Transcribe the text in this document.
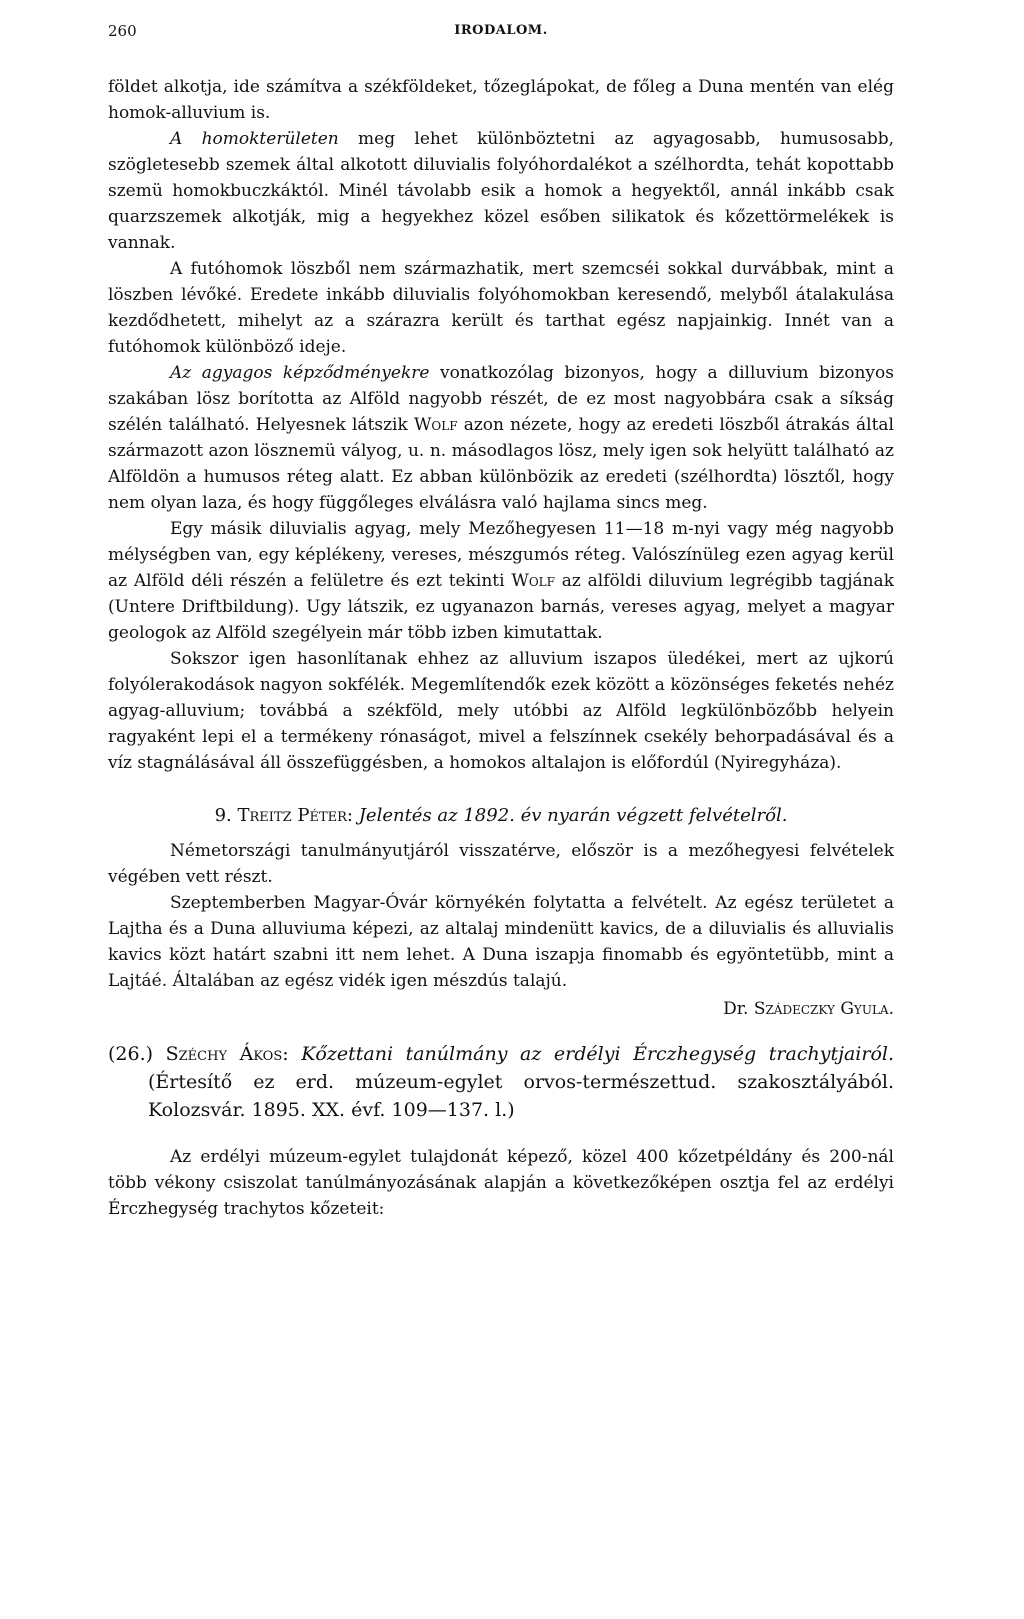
260	IRODALOM.

földet alkotja, ide számítva a székföldeket, tőzeglápokat, de főleg a Duna mentén van elég homok-alluvium is.

A homokterületen meg lehet különböztetni az agyagosabb, humusosabb, szögletesebb szemek által alkotott diluvialis folyóhordalékot a szélhordta, tehát kopottabb szemü homokbuczkáktól. Minél távolabb esik a homok a hegyektől, annál inkább csak quarzszemek alkotják, mig a hegyekhez közel esőben silikatok és kőzettörmelékek is vannak.

A futóhomok löszből nem származhatik, mert szemcséi sokkal durvábbak, mint a löszben lévőké. Eredete inkább diluvialis folyóhomokban keresendő, melyből átalakulása kezdődhetett, mihelyt az a szárazra került és tarthat egész napjainkig. Innét van a futóhomok különböző ideje.

Az agyagos képződményekre vonatkozólag bizonyos, hogy a dilluvium bizonyos szakában lösz borította az Alföld nagyobb részét, de ez most nagyobbára csak a síkság szélén található. Helyesnek látszik Wolf azon nézete, hogy az eredeti löszből átrakás által származott azon lösznemü vályog, u. n. másodlagos lösz, mely igen sok helyütt található az Alföldön a humusos réteg alatt. Ez abban különbözik az eredeti (szélhordta) lösztől, hogy nem olyan laza, és hogy függőleges elválásra való hajlama sincs meg.

Egy másik diluvialis agyag, mely Mezőhegyesen 11—18 m-nyi vagy még nagyobb mélységben van, egy képlékeny, vereses, mészgumós réteg. Valószínüleg ezen agyag kerül az Alföld déli részén a felületre és ezt tekinti Wolf az alföldi diluvium legrégibb tagjának (Untere Driftbildung). Ugy látszik, ez ugyanazon barnás, vereses agyag, melyet a magyar geologok az Alföld szegélyein már több izben kimutattak.

Sokszor igen hasonlítanak ehhez az alluvium iszapos üledékei, mert az ujkorú folyólerakodások nagyon sokfélék. Megemlítendők ezek között a közönséges feketés nehéz agyag-alluvium; továbbá a székföld, mely utóbbi az Alföld legkülönbözőbb helyein ragyaként lepi el a termékeny rónaságot, mivel a felszínnek csekély behorpadásával és a víz stagnálásával áll összefüggésben, a homokos altalajon is előfordúl (Nyiregyháza).

9. Treitz Péter: Jelentés az 1892. év nyarán végzett felvételről.

Németországi tanulmányutjáról visszatérve, először is a mezőhegyesi felvételek végében vett részt.

Szeptemberben Magyar-Óvár környékén folytatta a felvételt. Az egész területet a Lajtha és a Duna alluviuma képezi, az altalaj mindenütt kavics, de a diluvialis és alluvialis kavics közt határt szabni itt nem lehet. A Duna iszapja finomabb és egyöntetübb, mint a Lajtáé. Általában az egész vidék igen mészdús talajú.

Dr. Szádeczky Gyula.
(26.) Széchy Ákos: Kőzettani tanúlmány az erdélyi Érczhegység trachytjairól. (Értesítő ez erd. múzeum-egylet orvos-természettud. szakosztályából. Kolozsvár. 1895. XX. évf. 109—137. l.)

Az erdélyi múzeum-egylet tulajdonát képező, közel 400 kőzetpéldány és 200-nál több vékony csiszolat tanúlmányozásának alapján a következőképen osztja fel az erdélyi Érczhegység trachytos kőzeteit:
